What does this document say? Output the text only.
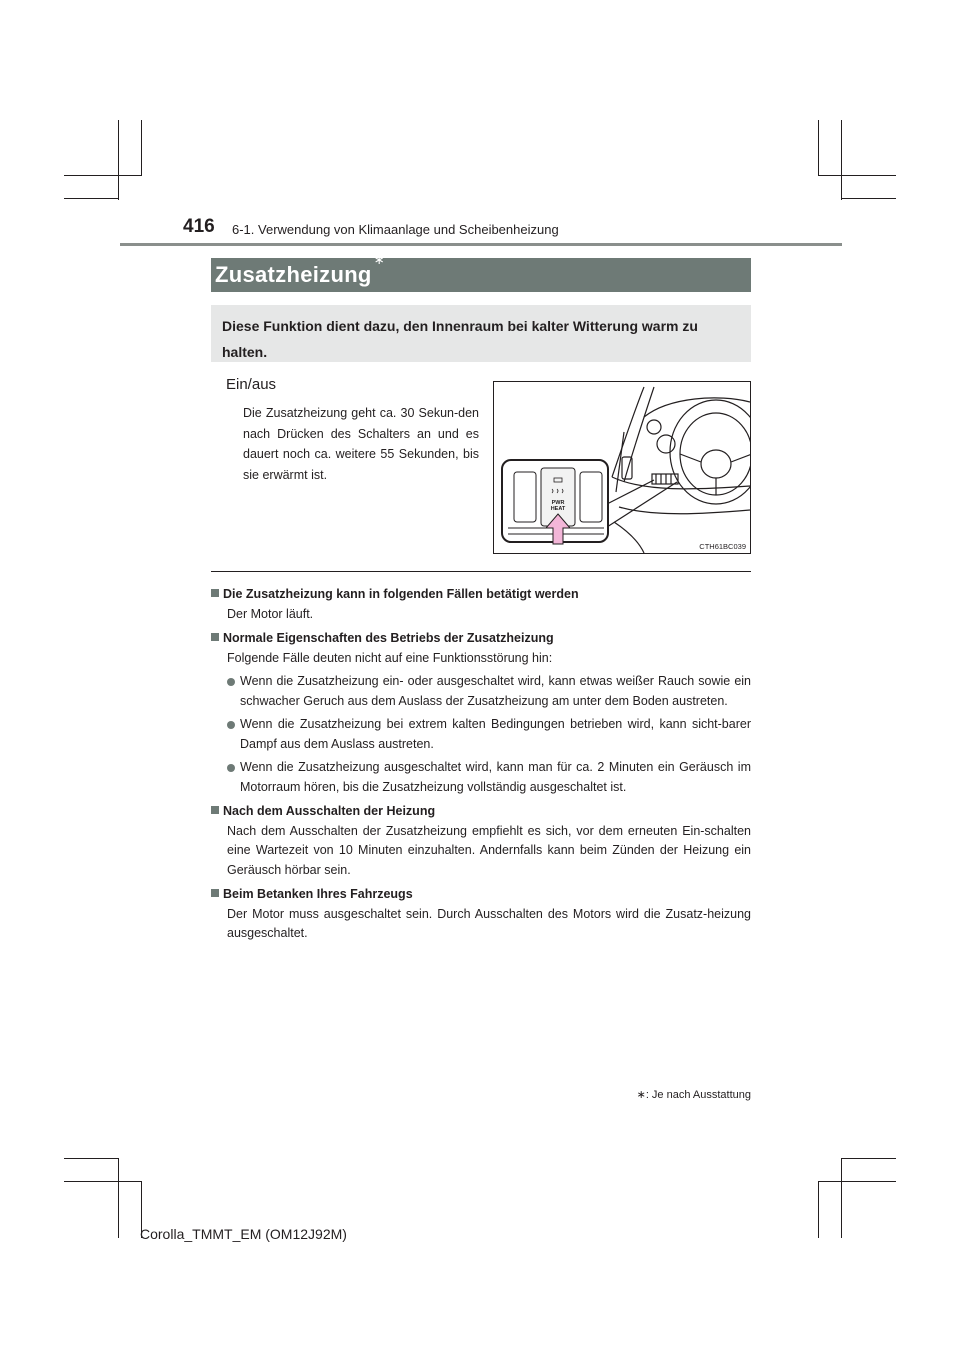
416 6-1. Verwendung von Klimaanlage und Scheibenheizung
Zusatzheizung∗
Diese Funktion dient dazu, den Innenraum bei kalter Witterung warm zu halten.
Ein/aus
Die Zusatzheizung geht ca. 30 Sekun-den nach Drücken des Schalters an und es dauert noch ca. weitere 55 Sekunden, bis sie erwärmt ist.
PWR
HEAT
CTH61BC039
Die Zusatzheizung kann in folgenden Fällen betätigt werden
Der Motor läuft.
Normale Eigenschaften des Betriebs der Zusatzheizung
Folgende Fälle deuten nicht auf eine Funktionsstörung hin:
Wenn die Zusatzheizung ein- oder ausgeschaltet wird, kann etwas weißer Rauch sowie ein schwacher Geruch aus dem Auslass der Zusatzheizung am unter dem Boden austreten.
Wenn die Zusatzheizung bei extrem kalten Bedingungen betrieben wird, kann sicht-barer Dampf aus dem Auslass austreten.
Wenn die Zusatzheizung ausgeschaltet wird, kann man für ca. 2 Minuten ein Geräusch im Motorraum hören, bis die Zusatzheizung vollständig ausgeschaltet ist.
Nach dem Ausschalten der Heizung
Nach dem Ausschalten der Zusatzheizung empfiehlt es sich, vor dem erneuten Ein-schalten eine Wartezeit von 10 Minuten einzuhalten. Andernfalls kann beim Zünden der Heizung ein Geräusch hörbar sein.
Beim Betanken Ihres Fahrzeugs
Der Motor muss ausgeschaltet sein. Durch Ausschalten des Motors wird die Zusatz-heizung ausgeschaltet.
∗: Je nach Ausstattung
Corolla_TMMT_EM (OM12J92M)
